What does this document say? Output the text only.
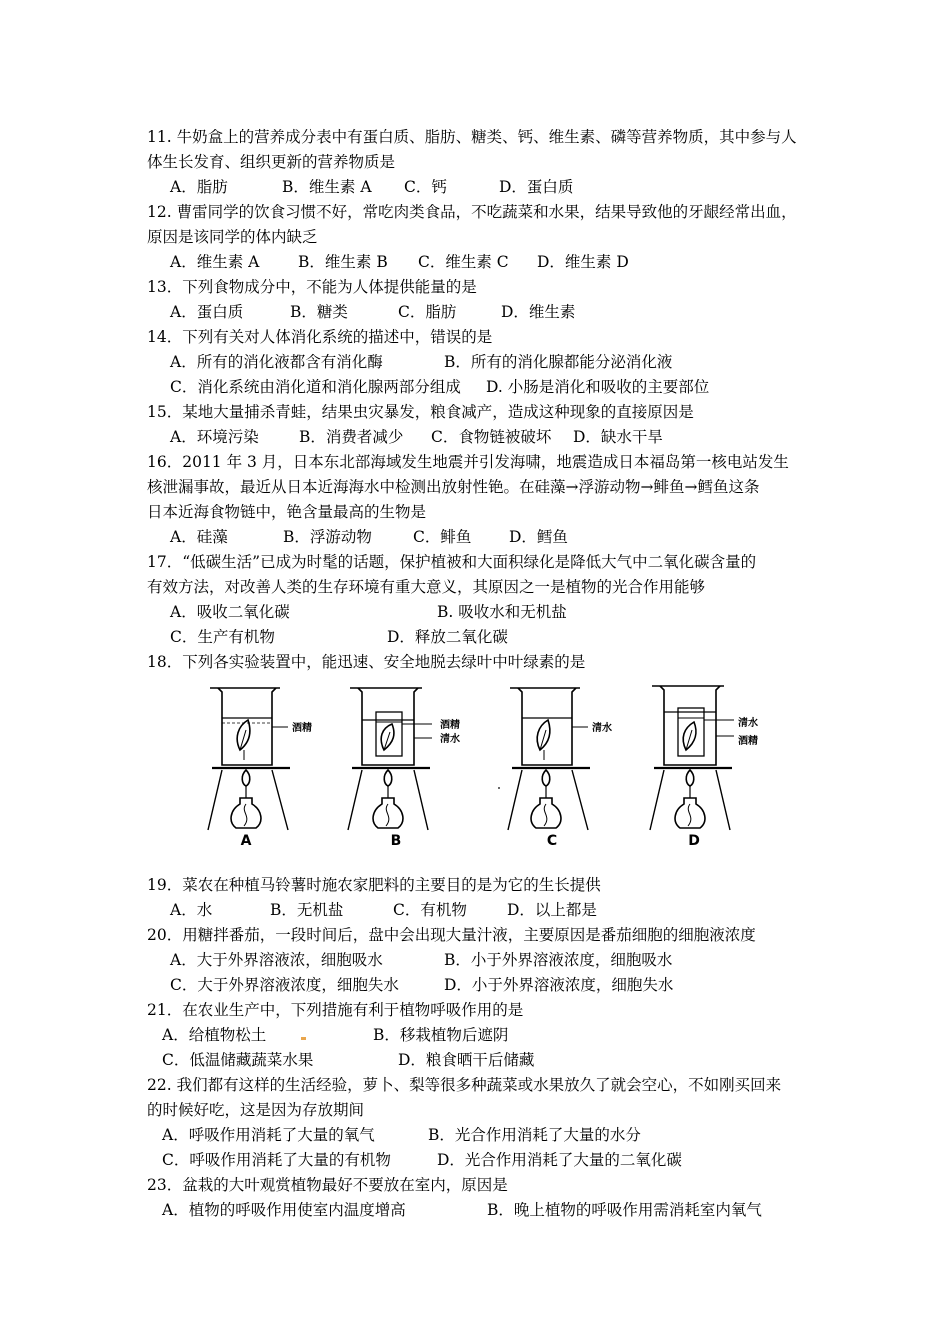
11. 牛奶盒上的营养成分表中有蛋白质、脂肪、糖类、钙、维生素、磷等营养物质，其中参与人
体生长发育、组织更新的营养物质是
A．脂肪	B．维生素 A C．钙	D．蛋白质
12. 曹雷同学的饮食习惯不好，常吃肉类食品，不吃蔬菜和水果，结果导致他的牙龈经常出血，
原因是该同学的体内缺乏
A．维生素 A B．维生素 B C．维生素 C D．维生素 D
13．下列食物成分中，不能为人体提供能量的是
A．蛋白质	B．糖类	C．脂肪	D．维生素
14．下列有关对人体消化系统的描述中，错误的是
A．所有的消化液都含有消化酶	B．所有的消化腺都能分泌消化液
C．消化系统由消化道和消化腺两部分组成 D. 小肠是消化和吸收的主要部位
15．某地大量捕杀青蛙，结果虫灾暴发，粮食减产，造成这种现象的直接原因是
A．环境污染	B．消费者减少 C．食物链被破坏 D．缺水干旱
16．2011 年 3 月，日本东北部海域发生地震并引发海啸，地震造成日本福岛第一核电站发生
核泄漏事故，最近从日本近海海水中检测出放射性铯。在硅藻→浮游动物→鲱鱼→鳕鱼这条
日本近海食物链中，铯含量最高的生物是
A．硅藻	B．浮游动物	C．鲱鱼 D．鳕鱼
17．“低碳生活”已成为时髦的话题，保护植被和大面积绿化是降低大气中二氧化碳含量的
有效方法，对改善人类的生存环境有重大意义，其原因之一是植物的光合作用能够
A．吸收二氧化碳	B. 吸收水和无机盐
C．生产有机物	D．释放二氧化碳
18．下列各实验装置中，能迅速、安全地脱去绿叶中叶绿素的是
酒精
A
酒精
清水
B
清水
C
清水
酒精
D
19．菜农在种植马铃薯时施农家肥料的主要目的是为它的生长提供
A．水	B．无机盐	C．有机物	D．以上都是
20．用糖拌番茄，一段时间后，盘中会出现大量汁液，主要原因是番茄细胞的细胞液浓度
A．大于外界溶液浓，细胞吸水	B．小于外界溶液浓度，细胞吸水
C．大于外界溶液浓度，细胞失水	D．小于外界溶液浓度，细胞失水
21．在农业生产中，下列措施有利于植物呼吸作用的是
A．给植物松土	B．移栽植物后遮阴
C．低温储藏蔬菜水果	D．粮食晒干后储藏
22. 我们都有这样的生活经验，萝卜、梨等很多种蔬菜或水果放久了就会空心，不如刚买回来
的时候好吃，这是因为存放期间
A．呼吸作用消耗了大量的氧气	B．光合作用消耗了大量的水分
C．呼吸作用消耗了大量的有机物	D．光合作用消耗了大量的二氧化碳
23．盆栽的大叶观赏植物最好不要放在室内，原因是
A．植物的呼吸作用使室内温度增高	B．晚上植物的呼吸作用需消耗室内氧气
